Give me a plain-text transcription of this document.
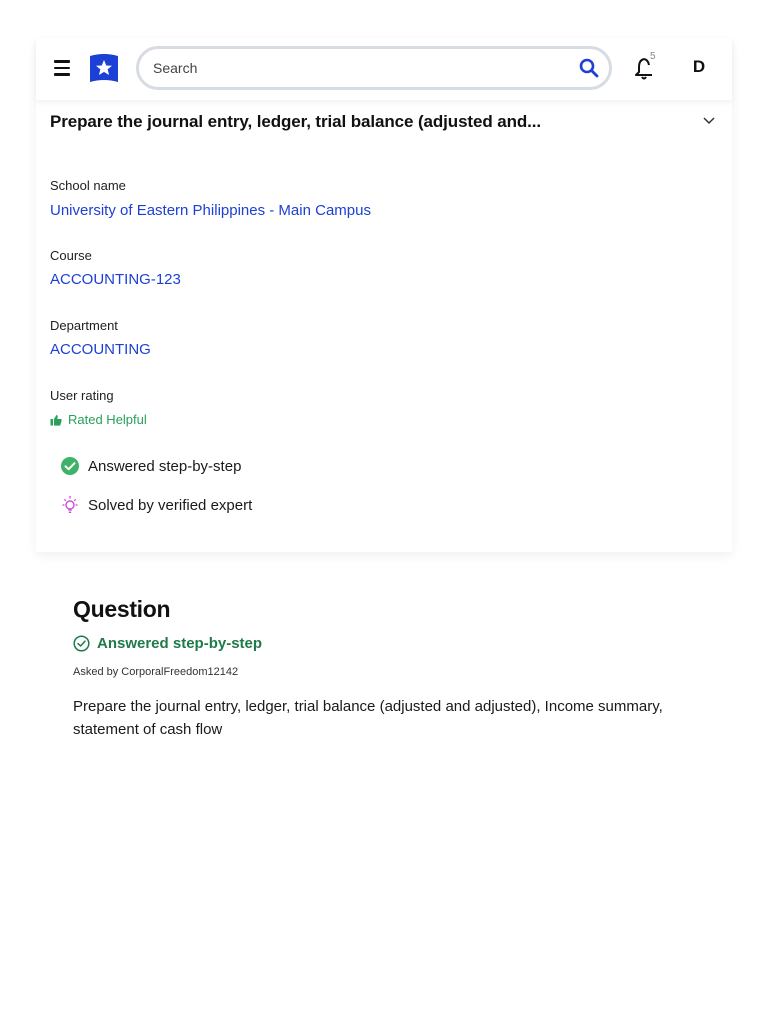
Search
5
D
Prepare the journal entry, ledger, trial balance (adjusted and...
School name
University of Eastern Philippines - Main Campus
Course
ACCOUNTING-123
Department
ACCOUNTING
User rating
Rated Helpful
Answered step-by-step
Solved by verified expert
Question
Answered step-by-step
Asked by CorporalFreedom12142
Prepare the journal entry, ledger, trial balance (adjusted and adjusted), Income summary, statement of cash flow
